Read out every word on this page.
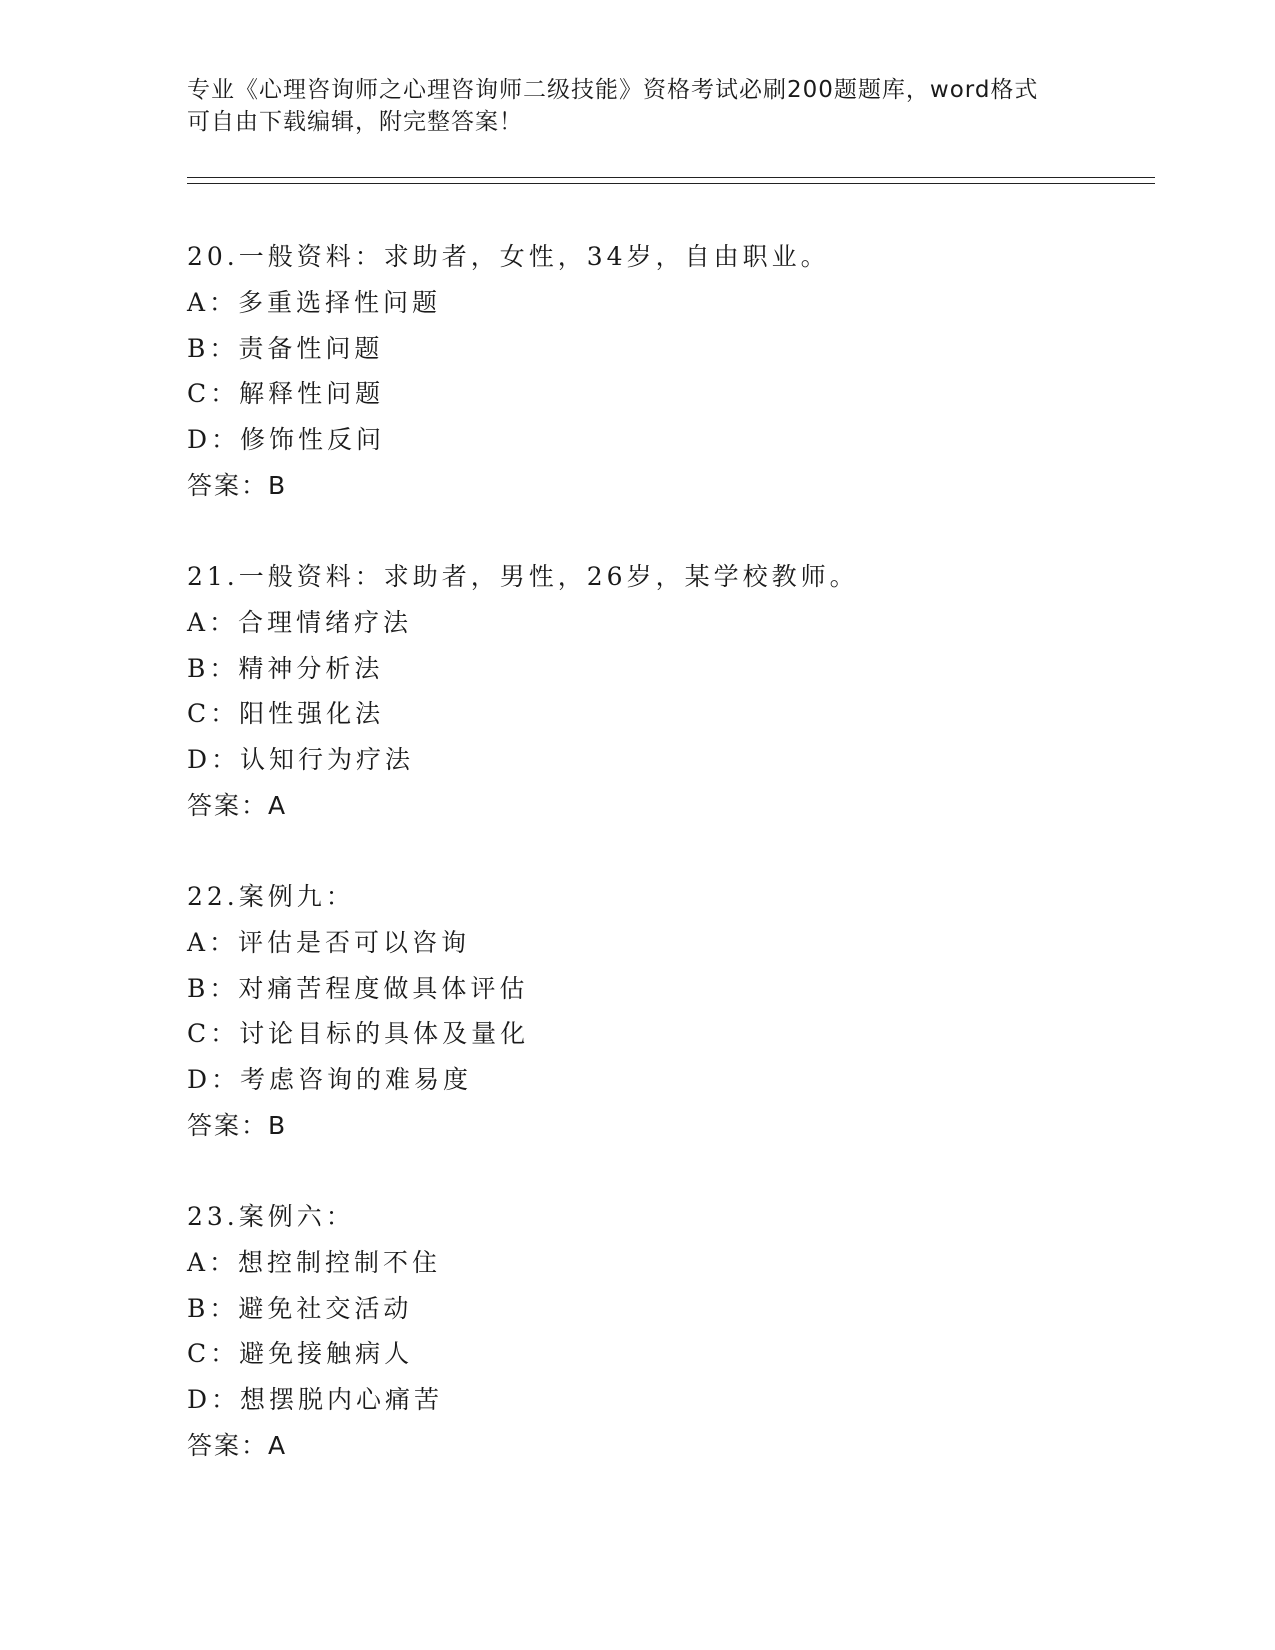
专业《心理咨询师之心理咨询师二级技能》资格考试必刷200题题库，word格式
可自由下载编辑，附完整答案！
20.一般资料：求助者，女性，34岁，自由职业。
A：多重选择性问题
B：责备性问题
C：解释性问题
D：修饰性反问
答案：B
21.一般资料：求助者，男性，26岁，某学校教师。
A：合理情绪疗法
B：精神分析法
C：阳性强化法
D：认知行为疗法
答案：A
22.案例九：
A：评估是否可以咨询
B：对痛苦程度做具体评估
C：讨论目标的具体及量化
D：考虑咨询的难易度
答案：B
23.案例六：
A：想控制控制不住
B：避免社交活动
C：避免接触病人
D：想摆脱内心痛苦
答案：A
